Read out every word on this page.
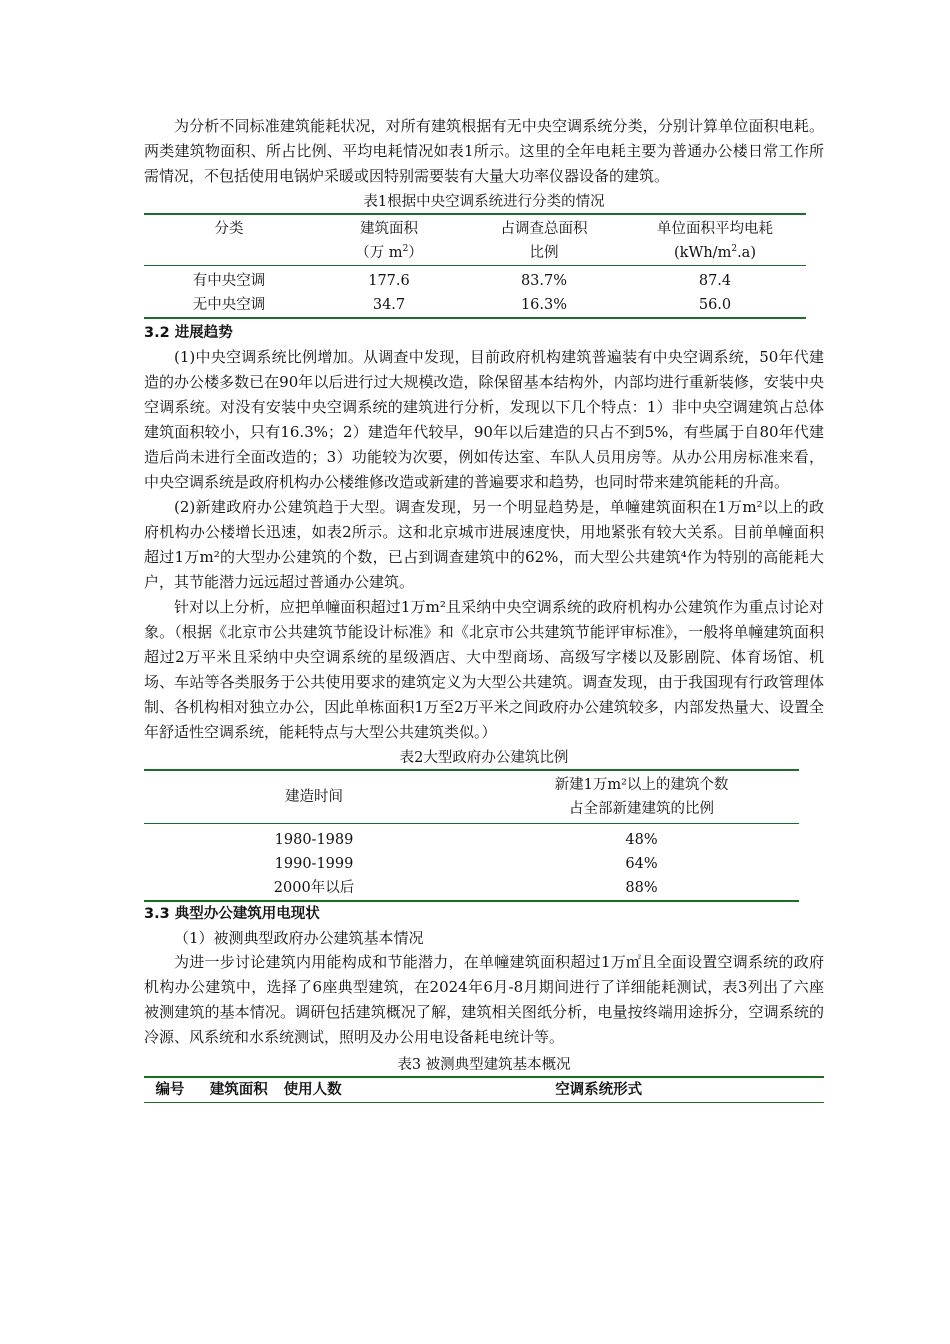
为分析不同标准建筑能耗状况，对所有建筑根据有无中央空调系统分类，分别计算单位面积电耗。两类建筑物面积、所占比例、平均电耗情况如表1所示。这里的全年电耗主要为普通办公楼日常工作所需情况，不包括使用电锅炉采暖或因特别需要装有大量大功率仪器设备的建筑。

表1根据中央空调系统进行分类的情况

分类	建筑面积	占调查总面积	单位面积平均电耗
	（万 $m^2$）	比例	$(kWh/m^2.a)$
有中央空调	177.6	83.7%	87.4
无中央空调	34.7	16.3%	56.0

3.2 进展趋势

(1)中央空调系统比例增加。从调查中发现，目前政府机构建筑普遍装有中央空调系统，50年代建造的办公楼多数已在90年以后进行过大规模改造，除保留基本结构外，内部均进行重新装修，安装中央空调系统。对没有安装中央空调系统的建筑进行分析，发现以下几个特点：1）非中央空调建筑占总体建筑面积较小，只有16.3%；2）建造年代较早，90年以后建造的只占不到5%，有些属于自80年代建造后尚未进行全面改造的；3）功能较为次要，例如传达室、车队人员用房等。从办公用房标准来看，中央空调系统是政府机构办公楼维修改造或新建的普遍要求和趋势，也同时带来建筑能耗的升高。

(2)新建政府办公建筑趋于大型。调查发现，另一个明显趋势是，单幢建筑面积在1万m²以上的政府机构办公楼增长迅速，如表2所示。这和北京城市进展速度快，用地紧张有较大关系。目前单幢面积超过1万m²的大型办公建筑的个数，已占到调查建筑中的62%，而大型公共建筑⁴作为特别的高能耗大户，其节能潜力远远超过普通办公建筑。

针对以上分析，应把单幢面积超过1万m²且采纳中央空调系统的政府机构办公建筑作为重点讨论对象。（根据《北京市公共建筑节能设计标准》和《北京市公共建筑节能评审标准》，一般将单幢建筑面积超过2万平米且采纳中央空调系统的星级酒店、大中型商场、高级写字楼以及影剧院、体育场馆、机场、车站等各类服务于公共使用要求的建筑定义为大型公共建筑。调查发现，由于我国现有行政管理体制、各机构相对独立办公，因此单栋面积1万至2万平米之间政府办公建筑较多，内部发热量大、设置全年舒适性空调系统，能耗特点与大型公共建筑类似。）

表2大型政府办公建筑比例

建造时间	新建1万m²以上的建筑个数
占全部新建建筑的比例

1980-1989	48%
1990-1999	64%
2000年以后	88%

3.3 典型办公建筑用电现状

（1）被测典型政府办公建筑基本情况

为进一步讨论建筑内用能构成和节能潜力，在单幢建筑面积超过1万㎡且全面设置空调系统的政府机构办公建筑中，选择了6座典型建筑，在2024年6月-8月期间进行了详细能耗测试，表3列出了六座被测建筑的基本情况。调研包括建筑概况了解，建筑相关图纸分析，电量按终端用途拆分，空调系统的冷源、风系统和水系统测试，照明及办公用电设备耗电统计等。

表3 被测典型建筑基本概况

编号	建筑面积	使用人数	空调系统形式
